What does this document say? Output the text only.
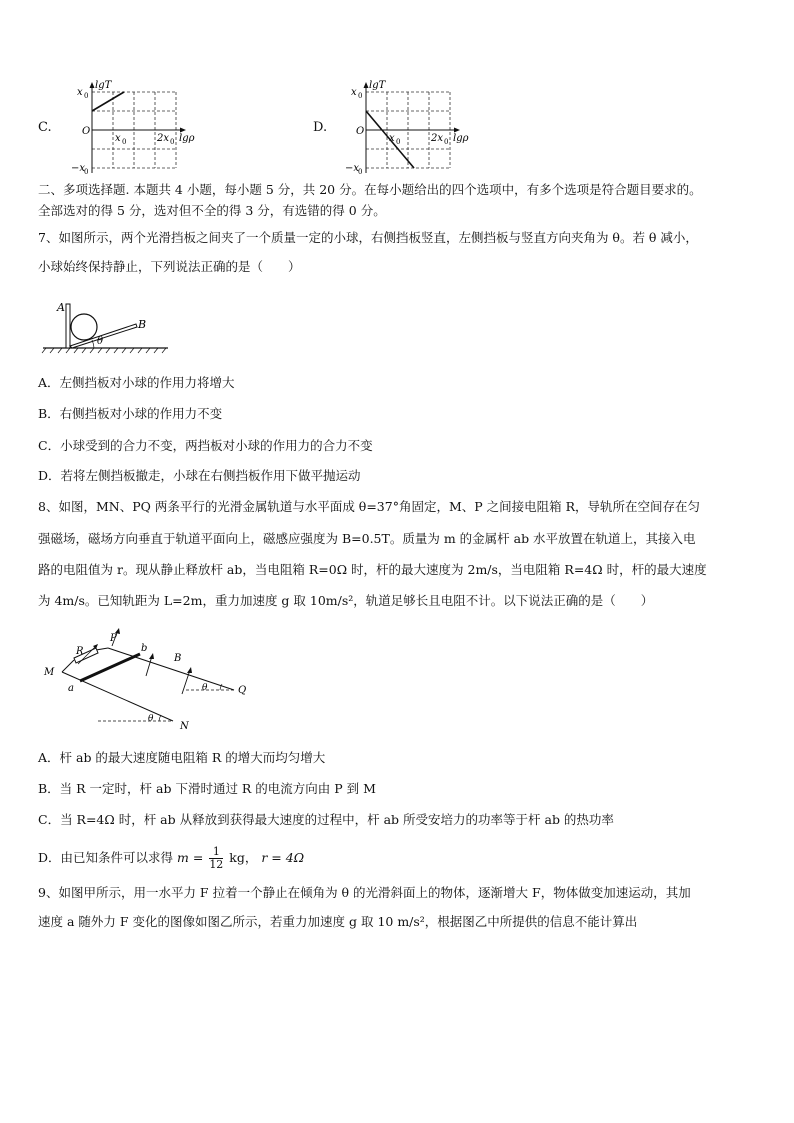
C.
lgT
x 0
O
x 0	2x 0 lgρ
−x
0
D.
lgT
x 0
O
x 0	2x 0 lgρ
−x
0
二、多项选择题. 本题共 4 小题，每小题 5 分，共 20 分。在每小题给出的四个选项中，有多个选项是符合题目要求的。
全部选对的得 5 分，选对但不全的得 3 分，有选错的得 0 分。
7、如图所示，两个光滑挡板之间夹了一个质量一定的小球，右侧挡板竖直，左侧挡板与竖直方向夹角为 θ。若 θ 减小，
小球始终保持静止，下列说法正确的是（　　）
A
B
θ
A．左侧挡板对小球的作用力将增大
B．右侧挡板对小球的作用力不变
C．小球受到的合力不变，两挡板对小球的作用力的合力不变
D．若将左侧挡板撤走，小球在右侧挡板作用下做平抛运动
8、如图，MN、PQ 两条平行的光滑金属轨道与水平面成 θ=37°角固定，M、P 之间接电阻箱 R，导轨所在空间存在匀
强磁场，磁场方向垂直于轨道平面向上，磁感应强度为 B=0.5T。质量为 m 的金属杆 ab 水平放置在轨道上，其接入电
路的电阻值为 r。现从静止释放杆 ab，当电阻箱 R=0Ω 时，杆的最大速度为 2m/s，当电阻箱 R=4Ω 时，杆的最大速度
为 4m/s。已知轨距为 L=2m，重力加速度 g 取 10m/s²，轨道足够长且电阻不计。以下说法正确的是（　　）
P
R	b
B
M
a	Q
N
θ
θ
A．杆 ab 的最大速度随电阻箱 R 的增大而均匀增大
B．当 R 一定时，杆 ab 下滑时通过 R 的电流方向由 P 到 M
C．当 R=4Ω 时，杆 ab 从释放到获得最大速度的过程中，杆 ab 所受安培力的功率等于杆 ab 的热功率
D．由已知条件可以求得 $m = \frac{1}{12}$ kg， r = 4Ω
9、如图甲所示，用一水平力 F 拉着一个静止在倾角为 θ 的光滑斜面上的物体，逐渐增大 F，物体做变加速运动，其加
速度 a 随外力 F 变化的图像如图乙所示，若重力加速度 g 取 10 m/s²，根据图乙中所提供的信息不能计算出
